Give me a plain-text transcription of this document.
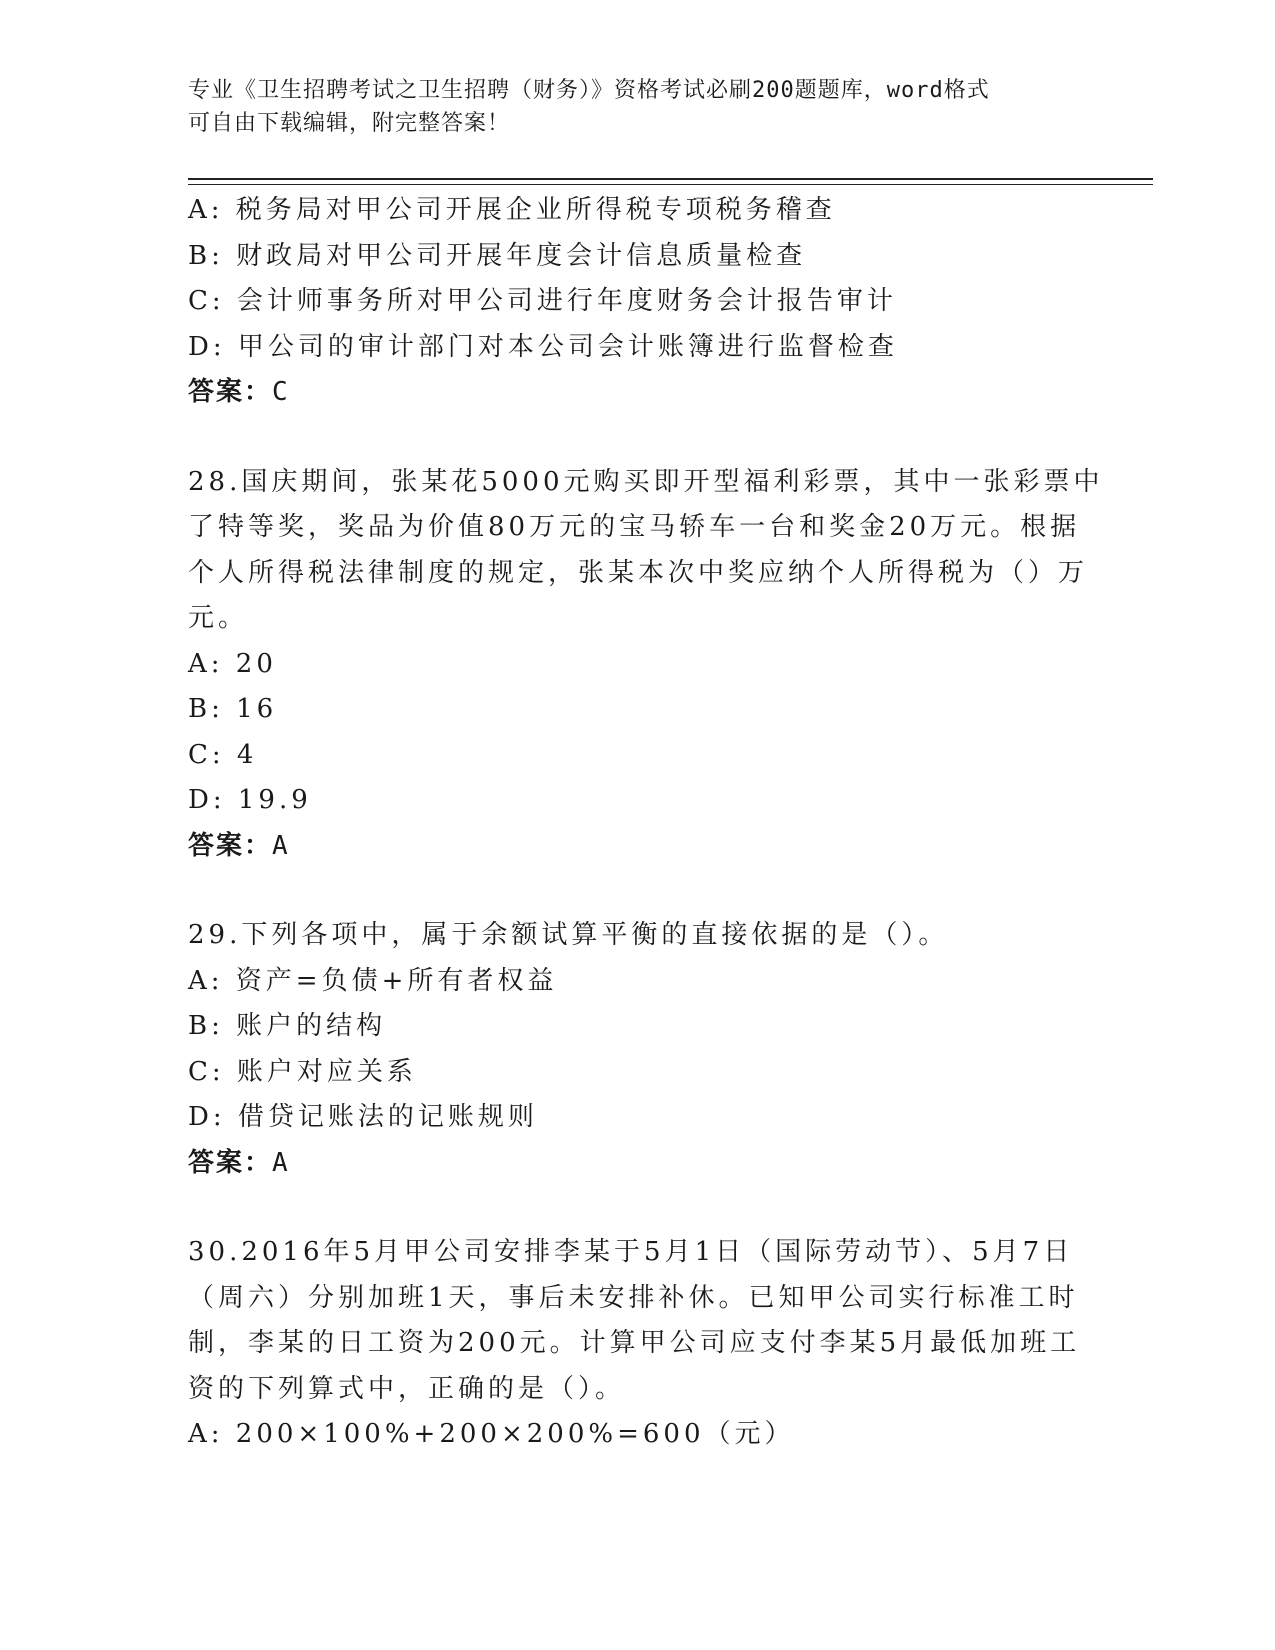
专业《卫生招聘考试之卫生招聘（财务）》资格考试必刷200题题库，word格式
可自由下载编辑，附完整答案！
A: 税务局对甲公司开展企业所得税专项税务稽查
B: 财政局对甲公司开展年度会计信息质量检查
C: 会计师事务所对甲公司进行年度财务会计报告审计
D: 甲公司的审计部门对本公司会计账簿进行监督检查
答案：C
28.国庆期间，张某花5000元购买即开型福利彩票，其中一张彩票中
了特等奖，奖品为价值80万元的宝马轿车一台和奖金20万元。根据
个人所得税法律制度的规定，张某本次中奖应纳个人所得税为（）万
元。
A: 20
B: 16
C: 4
D: 19.9
答案：A
29.下列各项中，属于余额试算平衡的直接依据的是（）。
A: 资产=负债+所有者权益
B: 账户的结构
C: 账户对应关系
D: 借贷记账法的记账规则
答案：A
30.2016年5月甲公司安排李某于5月1日（国际劳动节）、5月7日
（周六）分别加班1天，事后未安排补休。已知甲公司实行标准工时
制，李某的日工资为200元。计算甲公司应支付李某5月最低加班工
资的下列算式中，正确的是（）。
A: 200×100%+200×200%=600（元）
